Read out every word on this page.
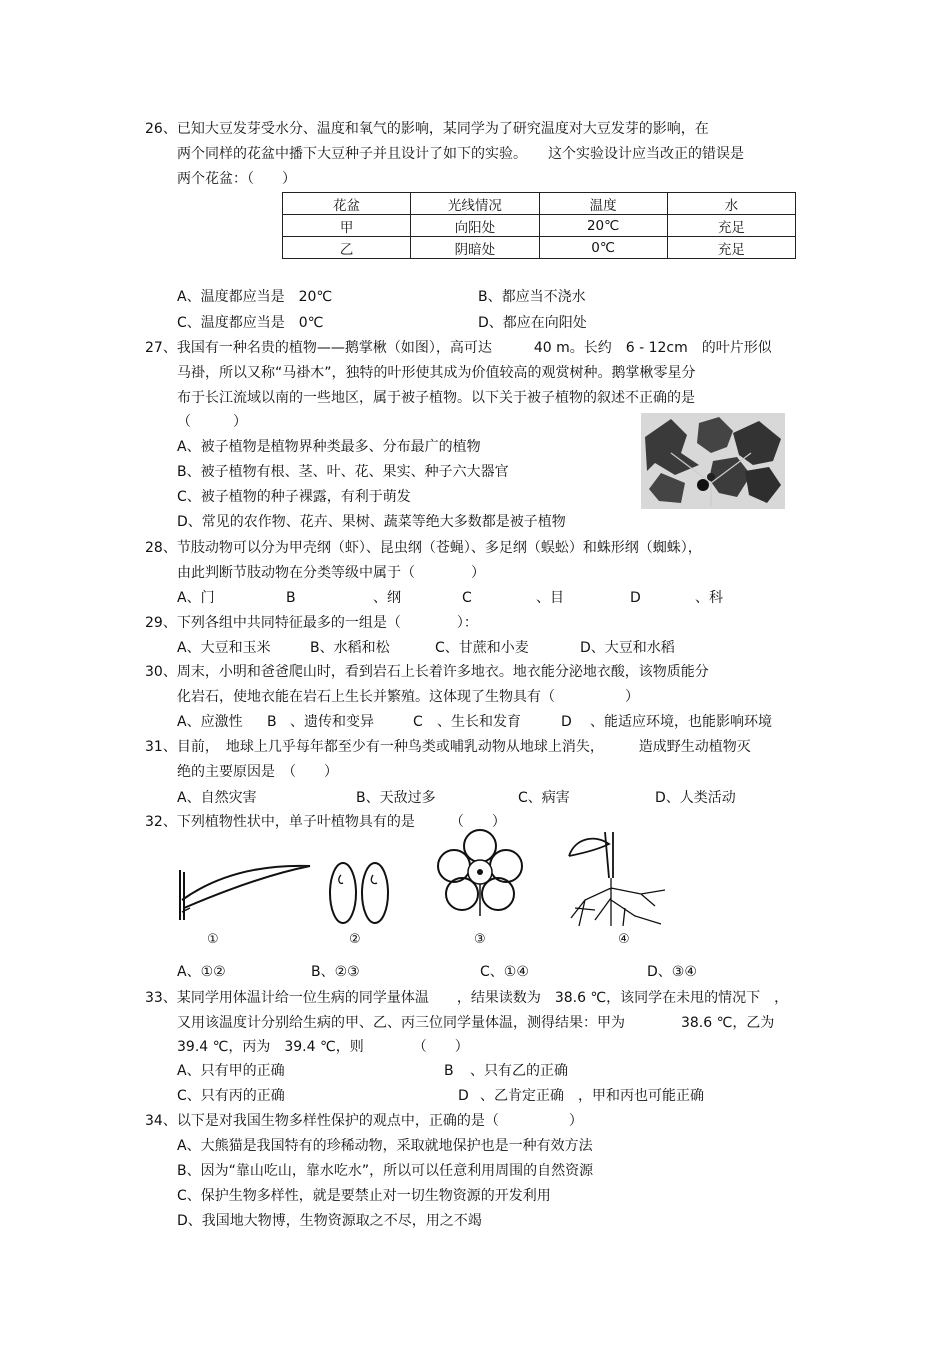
26、已知大豆发芽受水分、温度和氧气的影响，某同学为了研究温度对大豆发芽的影响，在
两个同样的花盆中播下大豆种子并且设计了如下的实验。　　这个实验设计应当改正的错误是
两个花盆：（　　）
花盆	光线情况	温度	水
甲	向阳处	20℃	充足
乙	阴暗处	0℃	充足
A、温度都应当是　20℃	B、都应当不浇水
C、温度都应当是　0℃	D、都应在向阳处
27、我国有一种名贵的植物——鹅掌楸（如图），高可达　　　40 m。长约　6 - 12cm　的叶片形似
马褂，所以又称“马褂木”，独特的叶形使其成为价值较高的观赏树种。鹅掌楸零星分
布于长江流域以南的一些地区，属于被子植物。以下关于被子植物的叙述不正确的是
（　　　）
A、被子植物是植物界种类最多、分布最广的植物
B、被子植物有根、茎、叶、花、果实、种子六大器官
C、被子植物的种子裸露，有利于萌发
D、常见的农作物、花卉、果树、蔬菜等绝大多数都是被子植物
28、节肢动物可以分为甲壳纲（虾）、昆虫纲（苍蝇）、多足纲（蜈蚣）和蛛形纲（蜘蛛），
由此判断节肢动物在分类等级中属于（　　　　）
A、门	B	、纲	C	、目	D	、科
29、下列各组中共同特征最多的一组是（　　　　）：
A、大豆和玉米	B、水稻和松	C、甘蔗和小麦	D、大豆和水稻
30、周末，小明和爸爸爬山时，看到岩石上长着许多地衣。地衣能分泌地衣酸，该物质能分
化岩石，使地衣能在岩石上生长并繁殖。这体现了生物具有（　　　　　）
A、应激性 B 、遗传和变异	C 、生长和发育	D 、能适应环境，也能影响环境
31、目前，　地球上几乎每年都至少有一种鸟类或哺乳动物从地球上消失，　　　造成野生动植物灭
绝的主要原因是　（　　）
A、自然灾害	B、天敌过多	C、病害	D、人类活动
32、下列植物性状中，单子叶植物具有的是　　　（　　）
①	②	③	④
A、①②	B、②③	C、①④	D、③④
33、某同学用体温计给一位生病的同学量体温　　，结果读数为　38.6 ℃，该同学在未甩的情况下　，
又用该温度计分别给生病的甲、乙、丙三位同学量体温，测得结果：甲为　　　　38.6 ℃，乙为
39.4 ℃，丙为　39.4 ℃，则　　　　（　　）
A、只有甲的正确	B 、只有乙的正确
C、只有丙的正确	D 、乙肯定正确　，甲和丙也可能正确
34、以下是对我国生物多样性保护的观点中，正确的是（　　　　　）
A、大熊猫是我国特有的珍稀动物，采取就地保护也是一种有效方法
B、因为“靠山吃山，靠水吃水”，所以可以任意利用周围的自然资源
C、保护生物多样性，就是要禁止对一切生物资源的开发利用
D、我国地大物博，生物资源取之不尽，用之不竭
